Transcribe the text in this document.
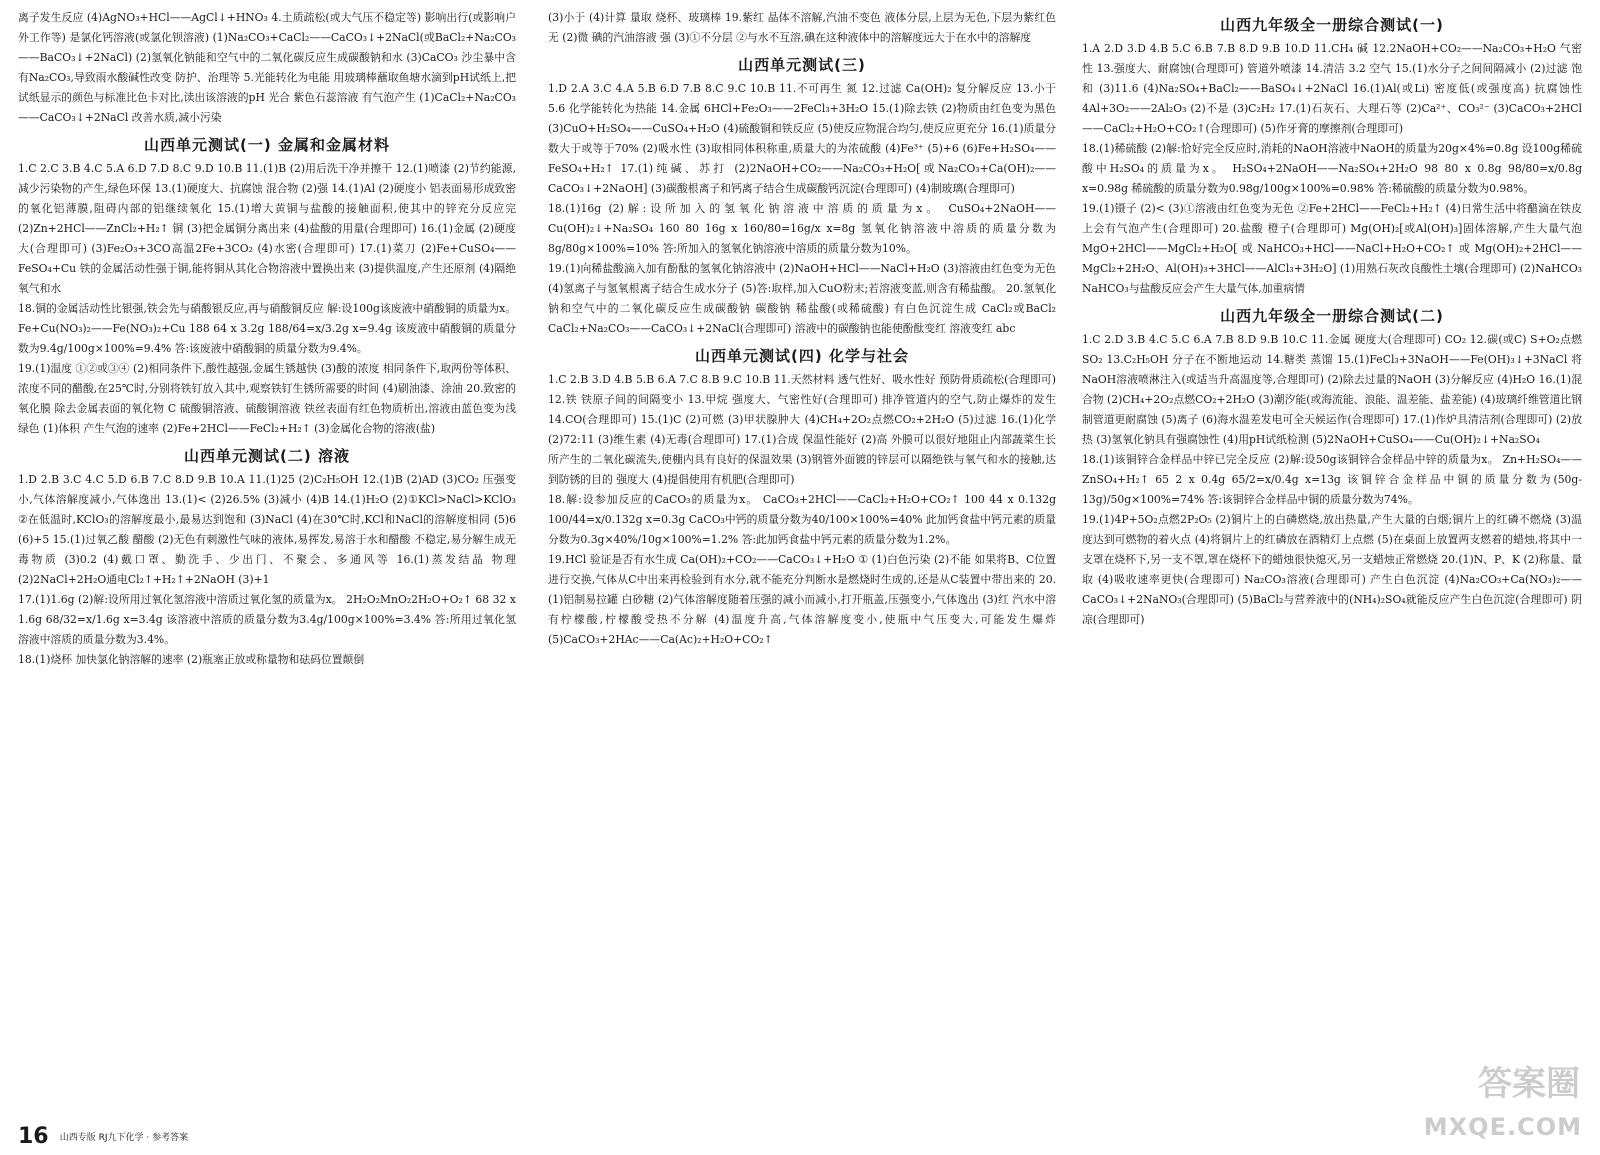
离子发生反应 (4)AgNO₃+HCl——AgCl↓+HNO₃ 4.土质疏松(或大气压不稳定等) 影响出行(或影响户外工作等) 是氯化钙溶液(或氯化钡溶液) (1)Na₂CO₃+CaCl₂——CaCO₃↓+2NaCl(或BaCl₂+Na₂CO₃——BaCO₃↓+2NaCl) (2)氢氧化钠能和空气中的二氧化碳反应生成碳酸钠和水 (3)CaCO₃ 沙尘暴中含有Na₂CO₃,导致雨水酸碱性改变 防护、治理等 5.光能转化为电能 用玻璃棒蘸取鱼塘水滴到pH试纸上,把试纸显示的颜色与标准比色卡对比,读出该溶液的pH 光合 紫色石蕊溶液 有气泡产生 (1)CaCl₂+Na₂CO₃——CaCO₃↓+2NaCl 改善水质,减小污染

山西单元测试(一) 金属和金属材料

1.C 2.C 3.B 4.C 5.A 6.D 7.D 8.C 9.D 10.B 11.(1)B (2)用后洗干净并擦干 12.(1)喷漆 (2)节约能源,减少污染物的产生,绿色环保 13.(1)硬度大、抗腐蚀 混合物 (2)强 14.(1)Al (2)硬度小 铝表面易形成致密的氧化铝薄膜,阻碍内部的铝继续氧化 15.(1)增大黄铜与盐酸的接触面积,使其中的锌充分反应完 (2)Zn+2HCl——ZnCl₂+H₂↑ 铜 (3)把金属铜分离出来 (4)盐酸的用量(合理即可) 16.(1)金属 (2)硬度大(合理即可) (3)Fe₂O₃+3CO高温2Fe+3CO₂ (4)水密(合理即可) 17.(1)菜刀 (2)Fe+CuSO₄——FeSO₄+Cu 铁的金属活动性强于铜,能将铜从其化合物溶液中置换出来 (3)提供温度,产生还原剂 (4)隔绝氧气和水

18.铜的金属活动性比银强,铁会先与硝酸银反应,再与硝酸铜反应 解:设100g该废液中硝酸铜的质量为x。 Fe+Cu(NO₃)₂——Fe(NO₃)₂+Cu 188 64 x 3.2g 188/64=x/3.2g x=9.4g 该废液中硝酸铜的质量分数为9.4g/100g×100%=9.4% 答:该废液中硝酸铜的质量分数为9.4%。

19.(1)温度 ①②或③④ (2)相同条件下,酸性越强,金属生锈越快 (3)酸的浓度 相同条件下,取两份等体积、浓度不同的醋酸,在25℃时,分别将铁钉放入其中,观察铁钉生锈所需要的时间 (4)刷油漆、涂油 20.致密的氧化膜 除去金属表面的氧化物 C 硫酸铜溶液、硫酸铜溶液 铁丝表面有红色物质析出,溶液由蓝色变为浅绿色 (1)体积 产生气泡的速率 (2)Fe+2HCl——FeCl₂+H₂↑ (3)金属化合物的溶液(盐)

山西单元测试(二) 溶液

1.D 2.B 3.C 4.C 5.D 6.B 7.C 8.D 9.B 10.A 11.(1)25 (2)C₂H₅OH 12.(1)B (2)AD (3)CO₂ 压强变小,气体溶解度减小,气体逸出 13.(1)< (2)26.5% (3)减小 (4)B 14.(1)H₂O (2)①KCl>NaCl>KClO₃ ②在低温时,KClO₃的溶解度最小,最易达到饱和 (3)NaCl (4)在30℃时,KCl和NaCl的溶解度相同 (5)6 (6)+5 15.(1)过氧乙酸 醋酸 (2)无色有刺激性气味的液体,易挥发,易溶于水和醋酸 不稳定,易分解生成无毒物质 (3)0.2 (4)戴口罩、勤洗手、少出门、不聚会、多通风等 16.(1)蒸发结晶 物理 (2)2NaCl+2H₂O通电Cl₂↑+H₂↑+2NaOH (3)+1

17.(1)1.6g (2)解:设所用过氧化氢溶液中溶质过氧化氢的质量为x。 2H₂O₂MnO₂2H₂O+O₂↑ 68 32 x 1.6g 68/32=x/1.6g x=3.4g 该溶液中溶质的质量分数为3.4g/100g×100%=3.4% 答:所用过氧化氢溶液中溶质的质量分数为3.4%。

18.(1)烧杯 加快氯化钠溶解的速率 (2)瓶塞正放或称量物和砝码位置颠倒

(3)小于 (4)计算 量取 烧杯、玻璃棒 19.紫红 晶体不溶解,汽油不变色 液体分层,上层为无色,下层为紫红色 无 (2)微 碘的汽油溶液 强 (3)①不分层 ②与水不互溶,碘在这种液体中的溶解度远大于在水中的溶解度

山西单元测试(三)

1.D 2.A 3.C 4.A 5.B 6.D 7.B 8.C 9.C 10.B 11.不可再生 氮 12.过滤 Ca(OH)₂ 复分解反应 13.小于5.6 化学能转化为热能 14.金属 6HCl+Fe₂O₃——2FeCl₃+3H₂O 15.(1)除去铁 (2)物质由红色变为黑色 (3)CuO+H₂SO₄——CuSO₄+H₂O (4)硫酸铜和铁反应 (5)使反应物混合均匀,使反应更充分 16.(1)质量分数大于或等于70% (2)吸水性 (3)取相同体积称重,质量大的为浓硫酸 (4)Fe³⁺ (5)+6 (6)Fe+H₂SO₄——FeSO₄+H₂↑ 17.(1)纯碱、苏打 (2)2NaOH+CO₂——Na₂CO₃+H₂O[或Na₂CO₃+Ca(OH)₂——CaCO₃↓+2NaOH] (3)碳酸根离子和钙离子结合生成碳酸钙沉淀(合理即可) (4)制玻璃(合理即可)

18.(1)16g (2)解:设所加入的氢氧化钠溶液中溶质的质量为x。 CuSO₄+2NaOH——Cu(OH)₂↓+Na₂SO₄ 160 80 16g x 160/80=16g/x x=8g 氢氧化钠溶液中溶质的质量分数为8g/80g×100%=10% 答:所加入的氢氧化钠溶液中溶质的质量分数为10%。

19.(1)向稀盐酸滴入加有酚酞的氢氧化钠溶液中 (2)NaOH+HCl——NaCl+H₂O (3)溶液由红色变为无色 (4)氢离子与氢氧根离子结合生成水分子 (5)答:取样,加入CuO粉末;若溶液变蓝,则含有稀盐酸。 20.氢氧化钠和空气中的二氧化碳反应生成碳酸钠 碳酸钠 稀盐酸(或稀硫酸) 有白色沉淀生成 CaCl₂或BaCl₂ CaCl₂+Na₂CO₃——CaCO₃↓+2NaCl(合理即可) 溶液中的碳酸钠也能使酚酞变红 溶液变红 abc

山西单元测试(四) 化学与社会

1.C 2.B 3.D 4.B 5.B 6.A 7.C 8.B 9.C 10.B 11.天然材料 透气性好、吸水性好 预防骨质疏松(合理即可) 12.铁 铁原子间的间隔变小 13.甲烷 强度大、气密性好(合理即可) 排净管道内的空气,防止爆炸的发生 14.CO(合理即可) 15.(1)C (2)可燃 (3)甲状腺肿大 (4)CH₄+2O₂点燃CO₂+2H₂O (5)过滤 16.(1)化学 (2)72:11 (3)维生素 (4)无毒(合理即可) 17.(1)合成 保温性能好 (2)高 外膜可以很好地阻止内部蔬菜生长所产生的二氧化碳流失,使棚内具有良好的保温效果 (3)钢管外面镀的锌层可以隔绝铁与氧气和水的接触,达到防锈的目的 强度大 (4)提倡使用有机肥(合理即可)

18.解:设参加反应的CaCO₃的质量为x。 CaCO₃+2HCl——CaCl₂+H₂O+CO₂↑ 100 44 x 0.132g 100/44=x/0.132g x=0.3g CaCO₃中钙的质量分数为40/100×100%=40% 此加钙食盐中钙元素的质量分数为0.3g×40%/10g×100%=1.2% 答:此加钙食盐中钙元素的质量分数为1.2%。

19.HCl 验证是否有水生成 Ca(OH)₂+CO₂——CaCO₃↓+H₂O ① (1)白色污染 (2)不能 如果将B、C位置进行交换,气体从C中出来再检验到有水分,就不能充分判断水是燃烧时生成的,还是从C装置中带出来的 20.(1)铝制易拉罐 白砂糖 (2)气体溶解度随着压强的减小而减小,打开瓶盖,压强变小,气体逸出 (3)红 汽水中溶有柠檬酸,柠檬酸受热不分解 (4)温度升高,气体溶解度变小,使瓶中气压变大,可能发生爆炸 (5)CaCO₃+2HAc——Ca(Ac)₂+H₂O+CO₂↑

山西九年级全一册综合测试(一)

1.A 2.D 3.D 4.B 5.C 6.B 7.B 8.D 9.B 10.D 11.CH₄ 碱 12.2NaOH+CO₂——Na₂CO₃+H₂O 气密性 13.强度大、耐腐蚀(合理即可) 管道外喷漆 14.清洁 3.2 空气 15.(1)水分子之间间隔减小 (2)过滤 饱和 (3)11.6 (4)Na₂SO₄+BaCl₂——BaSO₄↓+2NaCl 16.(1)Al(或Li) 密度低(或强度高) 抗腐蚀性 4Al+3O₂——2Al₂O₃ (2)不是 (3)C₂H₂ 17.(1)石灰石、大理石等 (2)Ca²⁺、CO₃²⁻ (3)CaCO₃+2HCl——CaCl₂+H₂O+CO₂↑(合理即可) (5)作牙膏的摩擦剂(合理即可)

18.(1)稀硫酸 (2)解:恰好完全反应时,消耗的NaOH溶液中NaOH的质量为20g×4%=0.8g 设100g稀硫酸中H₂SO₄的质量为x。 H₂SO₄+2NaOH——Na₂SO₄+2H₂O 98 80 x 0.8g 98/80=x/0.8g x=0.98g 稀硫酸的质量分数为0.98g/100g×100%=0.98% 答:稀硫酸的质量分数为0.98%。

19.(1)镊子 (2)< (3)①溶液由红色变为无色 ②Fe+2HCl——FeCl₂+H₂↑ (4)日常生活中将醋滴在铁皮上会有气泡产生(合理即可) 20.盐酸 橙子(合理即可) Mg(OH)₂[或Al(OH)₃]固体溶解,产生大量气泡 MgO+2HCl——MgCl₂+H₂O[或NaHCO₃+HCl——NaCl+H₂O+CO₂↑或Mg(OH)₂+2HCl——MgCl₂+2H₂O、Al(OH)₃+3HCl——AlCl₃+3H₂O] (1)用熟石灰改良酸性土壤(合理即可) (2)NaHCO₃ NaHCO₃与盐酸反应会产生大量气体,加重病情

山西九年级全一册综合测试(二)

1.C 2.D 3.B 4.C 5.C 6.A 7.B 8.D 9.B 10.C 11.金属 硬度大(合理即可) CO₂ 12.碳(或C) S+O₂点燃SO₂ 13.C₂H₅OH 分子在不断地运动 14.糖类 蒸馏 15.(1)FeCl₃+3NaOH——Fe(OH)₃↓+3NaCl 将NaOH溶液喷淋注入(或适当升高温度等,合理即可) (2)除去过量的NaOH (3)分解反应 (4)H₂O 16.(1)混合物 (2)CH₄+2O₂点燃CO₂+2H₂O (3)潮汐能(或海流能、浪能、温差能、盐差能) (4)玻璃纤维管道比钢制管道更耐腐蚀 (5)离子 (6)海水温差发电可全天候运作(合理即可) 17.(1)作炉具清洁剂(合理即可) (2)放热 (3)氢氧化钠具有强腐蚀性 (4)用pH试纸检测 (5)2NaOH+CuSO₄——Cu(OH)₂↓+Na₂SO₄

18.(1)该铜锌合金样品中锌已完全反应 (2)解:设50g该铜锌合金样品中锌的质量为x。 Zn+H₂SO₄——ZnSO₄+H₂↑ 65 2 x 0.4g 65/2=x/0.4g x=13g 该铜锌合金样品中铜的质量分数为(50g-13g)/50g×100%=74% 答:该铜锌合金样品中铜的质量分数为74%。

19.(1)4P+5O₂点燃2P₂O₅ (2)铜片上的白磷燃烧,放出热量,产生大量的白烟;铜片上的红磷不燃烧 (3)温度达到可燃物的着火点 (4)将铜片上的红磷放在酒精灯上点燃 (5)在桌面上放置两支燃着的蜡烛,将其中一支罩在烧杯下,另一支不罩,罩在烧杯下的蜡烛很快熄灭,另一支蜡烛正常燃烧 20.(1)N、P、K (2)称量、量取 (4)吸收速率更快(合理即可) Na₂CO₃溶液(合理即可) 产生白色沉淀 (4)Na₂CO₃+Ca(NO₃)₂——CaCO₃↓+2NaNO₃(合理即可) (5)BaCl₂与营养液中的(NH₄)₂SO₄就能反应产生白色沉淀(合理即可) 阴凉(合理即可)

16 山西专版 RJ九下化学 · 参考答案
答案圈
MXQE.COM
